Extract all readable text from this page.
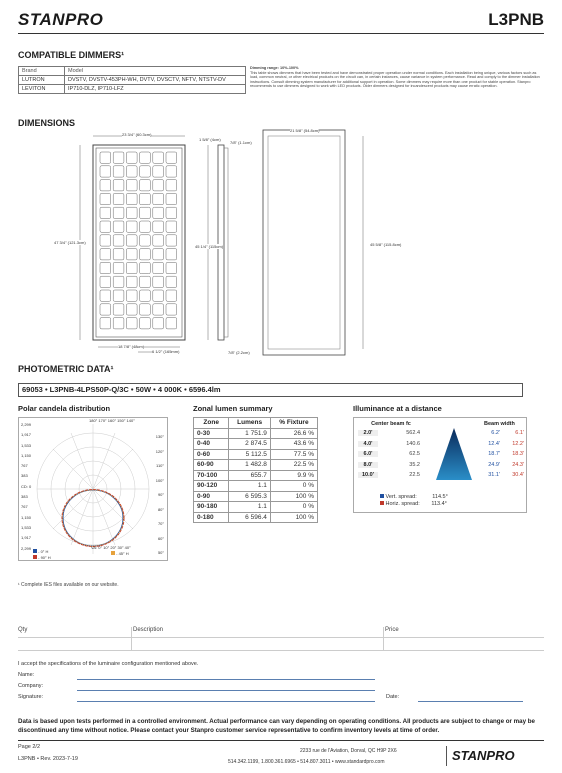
STANPRO	L3PNB
COMPATIBLE DIMMERS¹
Brand	Model
LUTRON	DVSTV, DVSTV-453PH-WH, DVTV, DVSCTV, NFTV, NTSTV-DV
LEVITON	IP710-DLZ, IP710-LFZ
Dimming range: 10%-100%
This table shows dimmers that have been tested and have demonstrated proper operation under normal conditions. Each installation being unique, various factors such as load, common neutral, or other electrical products on the circuit can, in certain instances, cause variance in system performance. Read and comply to the dimmer installation instructions. Consult dimming system manufacturer for additional support in operation. Some dimmers may require more than one product for stable operation. Stanpro recommends to use dimmers designed to work with LED products. Older dimmers designed for incandescent products may cause erratic operation.
DIMENSIONS
23 3/4" (60.3cm)
47 3/4" (121.3cm)
18 7/8" (48cm)
6 1/2" (165mm)
1 5/8" (4cm)
7/8" (1.1cm)
45 1/4" (115cm)
7/8" (2.2cm)
21 5/8" (54.8cm)
45 5/8" (115.8cm)
PHOTOMETRIC DATA¹
69053 • L3PNB-4LPS50P-Q/3C • 50W • 4 000K • 6596.4lm
Polar candela distribution	Zonal lumen summary	Illuminance at a distance
2,299
1,917
1,533
1,150
767
383
CD: 0
383
767
1,150
1,533
1,917
2,299
130°
120°
110°
100°
90°
80°
70°
60°
50°
180° 170° 160° 150° 140°
VA: 0° 10° 20° 30° 40°
- 0° H
- 90° H
- 45° H
Zone	Lumens	% Fixture
0-30	1 751.9	26.6 %
0-40	2 874.5	43.6 %
0-60	5 112.5	77.5 %
60-90	1 482.8	22.5 %
70-100	655.7	9.9 %
90-120	1.1	0 %
0-90	6 595.3	100 %
90-180	1.1	0 %
0-180	6 596.4	100 %
Center beam fc	Beam width
2.0'	562.4	6.2'	6.1'
4.0'	140.6	12.4'	12.2'
6.0'	62.5	18.7'	18.3'
8.0'	35.2	24.9'	24.3'
10.0'	22.5	31.1'	30.4'
Vert. spread:	114.5°
Horiz. spread: 113.4°
¹ Complete IES files available on our website.
Qty	Description	Price
I accept the specifications of the luminaire configuration mentioned above.
Name:
Company:
Signature:	Date:
Data is based upon tests performed in a controlled environment. Actual performance can vary depending on operating conditions. All products are subject to change or may be discontinued any time without notice. Please contact your Stanpro customer service representative to confirm inventory levels at time of order.
Page 2/2
L3PNB • Rev. 2023-7-19
2233 rue de l'Aviation, Dorval, QC H9P 2X6
514.342.1199, 1.800.361.6965 • 514.807.3011 • www.standardpro.com	STANPRO
